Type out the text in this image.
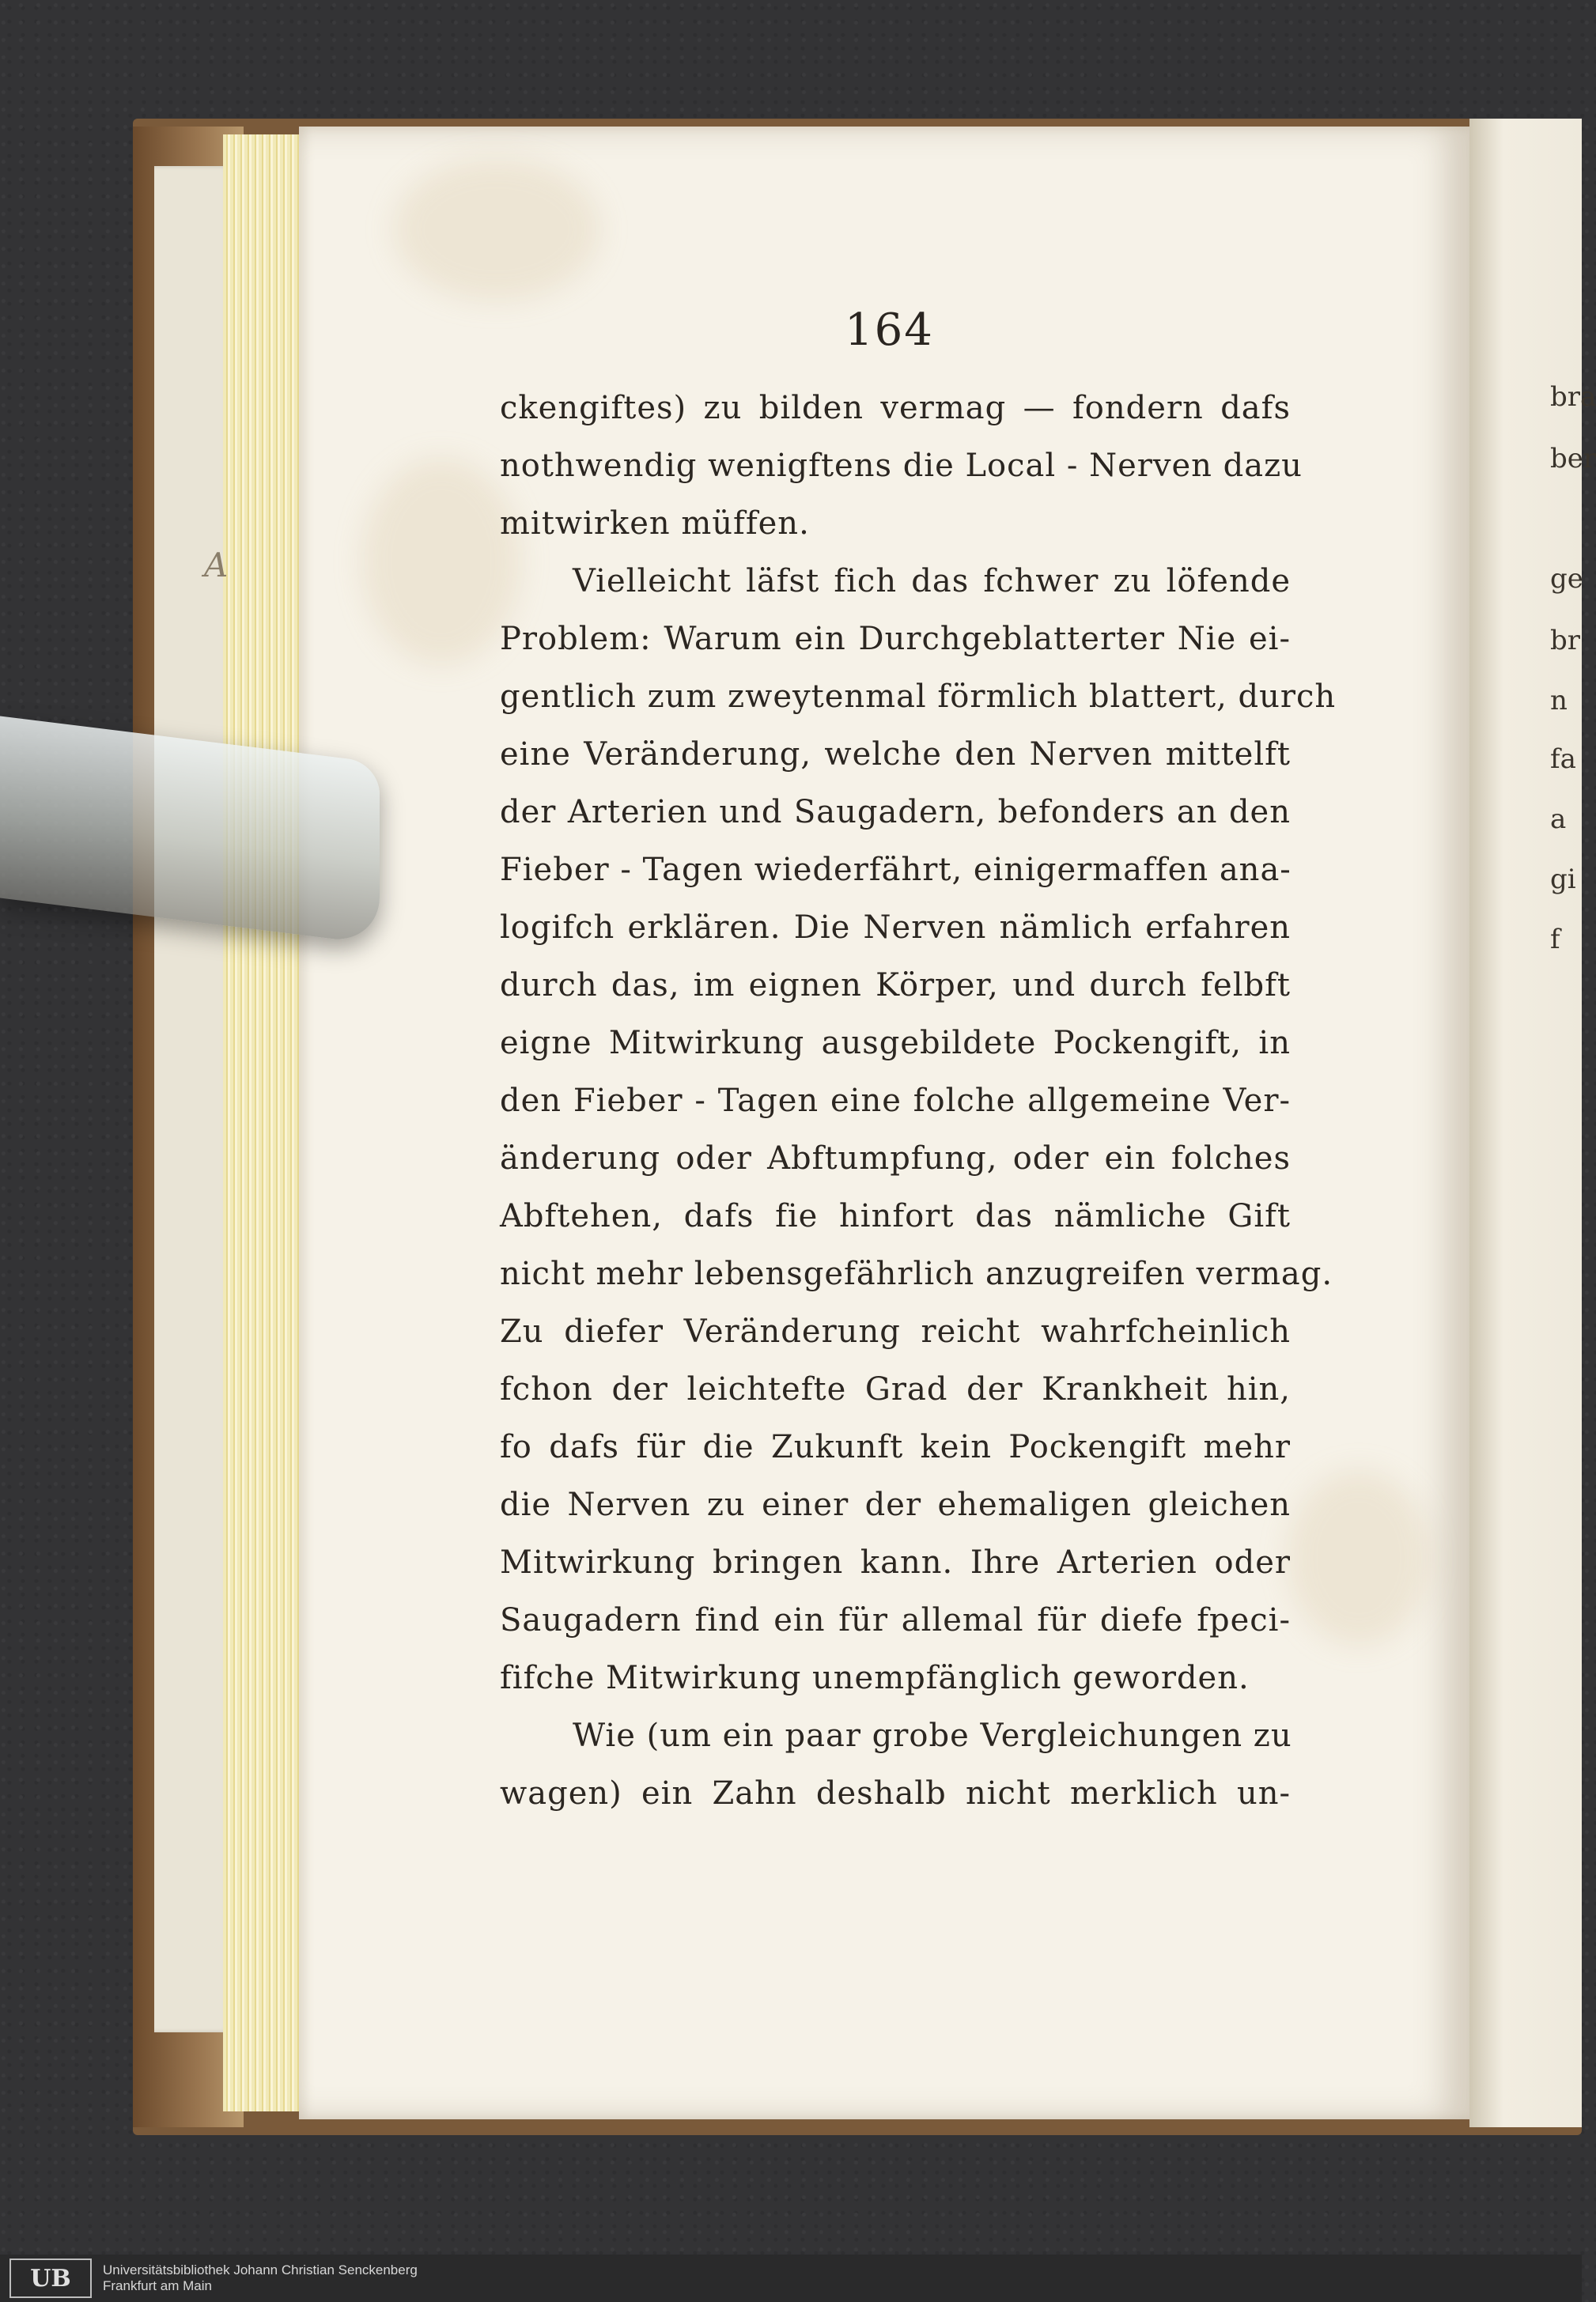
A
164
ckengiftes) zu bilden vermag — fondern dafs
nothwendig wenigftens die Local - Nerven dazu
mitwirken müffen.
Vielleicht läfst fich das fchwer zu löfende
Problem: Warum ein Durchgeblatterter Nie ei-
gentlich zum zweytenmal förmlich blattert, durch
eine Veränderung, welche den Nerven mittelft
der Arterien und Saugadern, befonders an den
Fieber - Tagen wiederfährt, einigermaffen ana-
logifch erklären. Die Nerven nämlich erfahren
durch das, im eignen Körper, und durch felbft
eigne Mitwirkung ausgebildete Pockengift, in
den Fieber - Tagen eine folche allgemeine Ver-
änderung oder Abftumpfung, oder ein folches
Abftehen, dafs fie hinfort das nämliche Gift
nicht mehr lebensgefährlich anzugreifen vermag.
Zu diefer Veränderung reicht wahrfcheinlich
fchon der leichtefte Grad der Krankheit hin,
fo dafs für die Zukunft kein Pockengift mehr
die Nerven zu einer der ehemaligen gleichen
Mitwirkung bringen kann. Ihre Arterien oder
Saugadern find ein für allemal für diefe fpeci-
fifche Mitwirkung unempfänglich geworden.
Wie (um ein paar grobe Vergleichungen zu
wagen) ein Zahn deshalb nicht merklich un-
bra
ber
ge
br
n
fa
a
gi
f
UB	Universitätsbibliothek Johann Christian Senckenberg
Frankfurt am Main
